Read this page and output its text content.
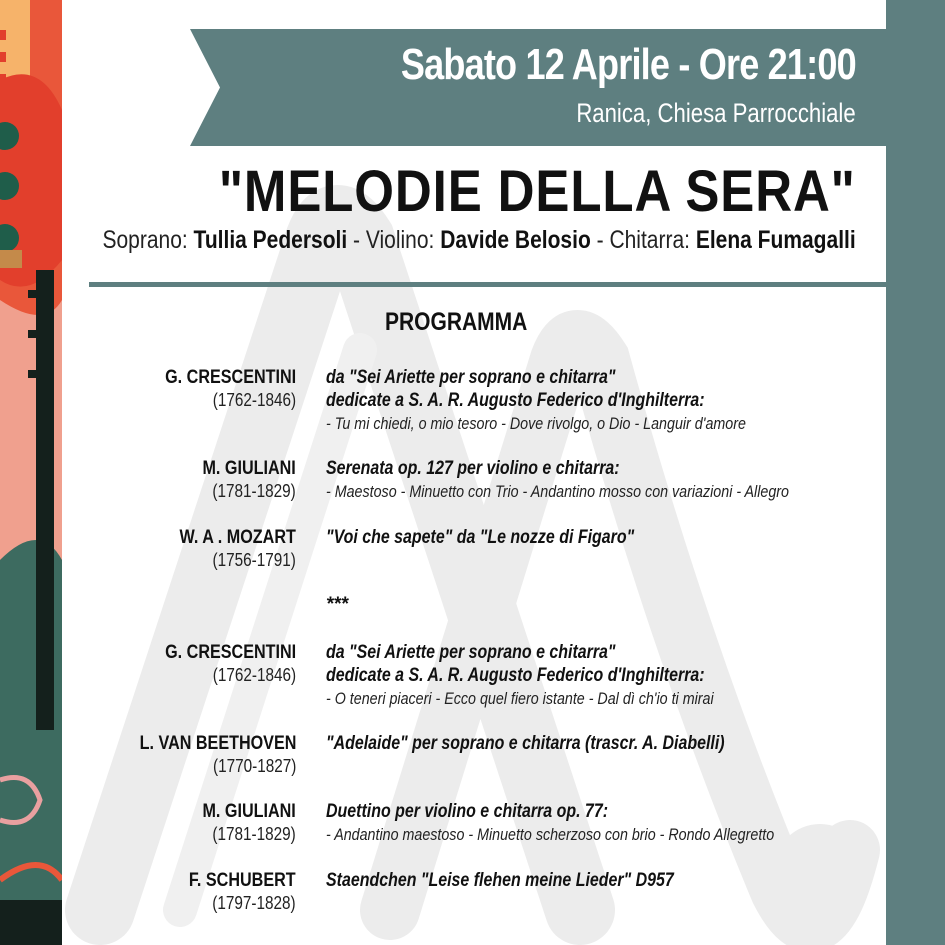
Sabato 12 Aprile - Ore 21:00

Ranica, Chiesa Parrocchiale

"MELODIE DELLA SERA"

Soprano: Tullia Pedersoli - Violino: Davide Belosio - Chitarra: Elena Fumagalli

PROGRAMMA
G. CRESCENTINI
(1762-1846)
da "Sei Ariette per soprano e chitarra"
dedicate a S. A. R. Augusto Federico d'Inghilterra:
- Tu mi chiedi, o mio tesoro - Dove rivolgo, o Dio - Languir d'amore
M. GIULIANI
(1781-1829)
Serenata op. 127 per violino e chitarra:
- Maestoso - Minuetto con Trio - Andantino mosso con variazioni - Allegro
W. A . MOZART
(1756-1791)
"Voi che sapete" da "Le nozze di Figaro"

***

G. CRESCENTINI
(1762-1846)
da "Sei Ariette per soprano e chitarra"
dedicate a S. A. R. Augusto Federico d'Inghilterra:
- O teneri piaceri - Ecco quel fiero istante - Dal dì ch'io ti mirai
L. VAN BEETHOVEN
(1770-1827)
"Adelaide" per soprano e chitarra (trascr. A. Diabelli)
M. GIULIANI
(1781-1829)
Duettino per violino e chitarra op. 77:
- Andantino maestoso - Minuetto scherzoso con brio - Rondo Allegretto
F. SCHUBERT
(1797-1828)
Staendchen "Leise flehen meine Lieder" D957
